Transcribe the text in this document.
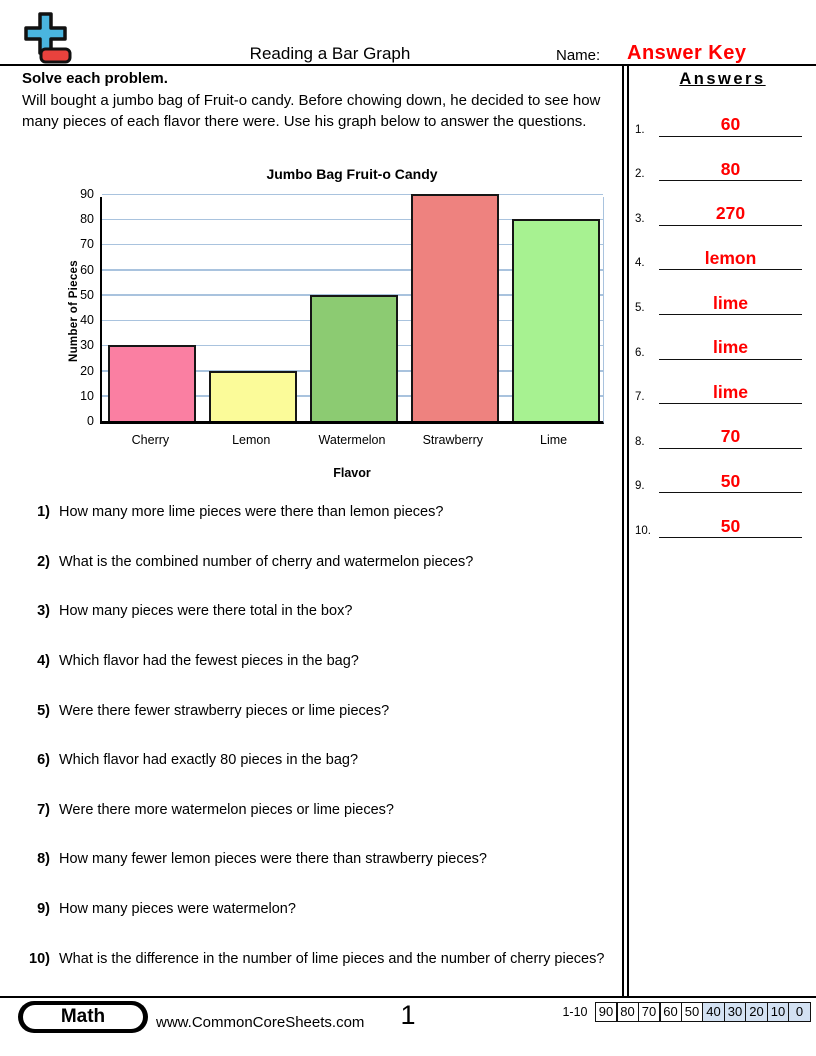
Reading a Bar Graph	Name: Answer Key
Solve each problem.
Will bought a jumbo bag of Fruit-o candy. Before chowing down, he decided to see how many pieces of each flavor there were. Use his graph below to answer the questions.
Jumbo Bag Fruit-o Candy
Number of Pieces
0
10
20
30
40
50
60
70
80
90
Cherry	Lemon	Watermelon	Strawberry	Lime
Flavor
1) How many more lime pieces were there than lemon pieces?
2) What is the combined number of cherry and watermelon pieces?
3) How many pieces were there total in the box?
4) Which flavor had the fewest pieces in the bag?
5) Were there fewer strawberry pieces or lime pieces?
6) Which flavor had exactly 80 pieces in the bag?
7) Were there more watermelon pieces or lime pieces?
8) How many fewer lemon pieces were there than strawberry pieces?
9) How many pieces were watermelon?
10) What is the difference in the number of lime pieces and the number of cherry pieces?
Answers
1.	60
2.	80
3.	270
4.	lemon
5.	lime
6.	lime
7.	lime
8.	70
9.	50
10.	50
Math	www.CommonCoreSheets.com 1	1-10 90 80 70 60 50 40 30 20 10 0
